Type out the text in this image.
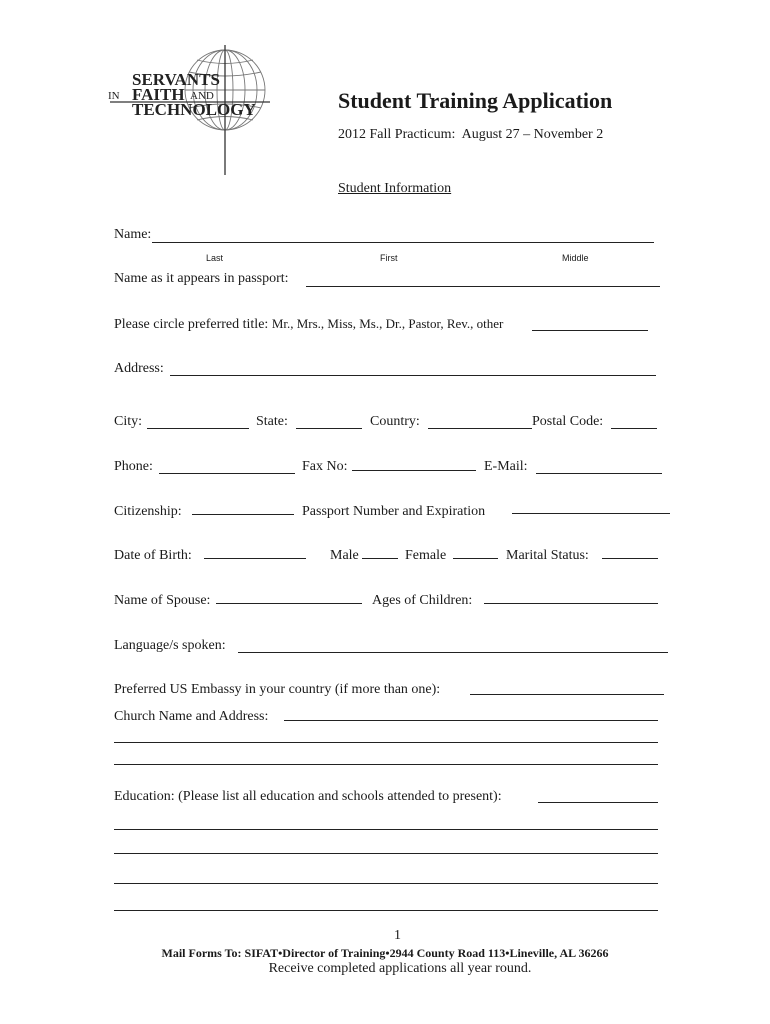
SERVANTS
IN FAITH AND
TECHNOLOGY	Student Training Application
2012 Fall Practicum:  August 27 – November 2
Student Information
Name:
Last	First	Middle
Name as it appears in passport:
Please circle preferred title: Mr., Mrs., Miss, Ms., Dr., Pastor, Rev., other
Address:
City:	State:	Country:	Postal Code:
Phone:	Fax No:	E-Mail:
Citizenship:	Passport Number and Expiration
Date of Birth:	Male	Female	Marital Status:
Name of Spouse:	Ages of Children:
Language/s spoken:
Preferred US Embassy in your country (if more than one):
Church Name and Address:
Education: (Please list all education and schools attended to present):
1
Mail Forms To: SIFAT•Director of Training•2944 County Road 113•Lineville, AL 36266
Receive completed applications all year round.
